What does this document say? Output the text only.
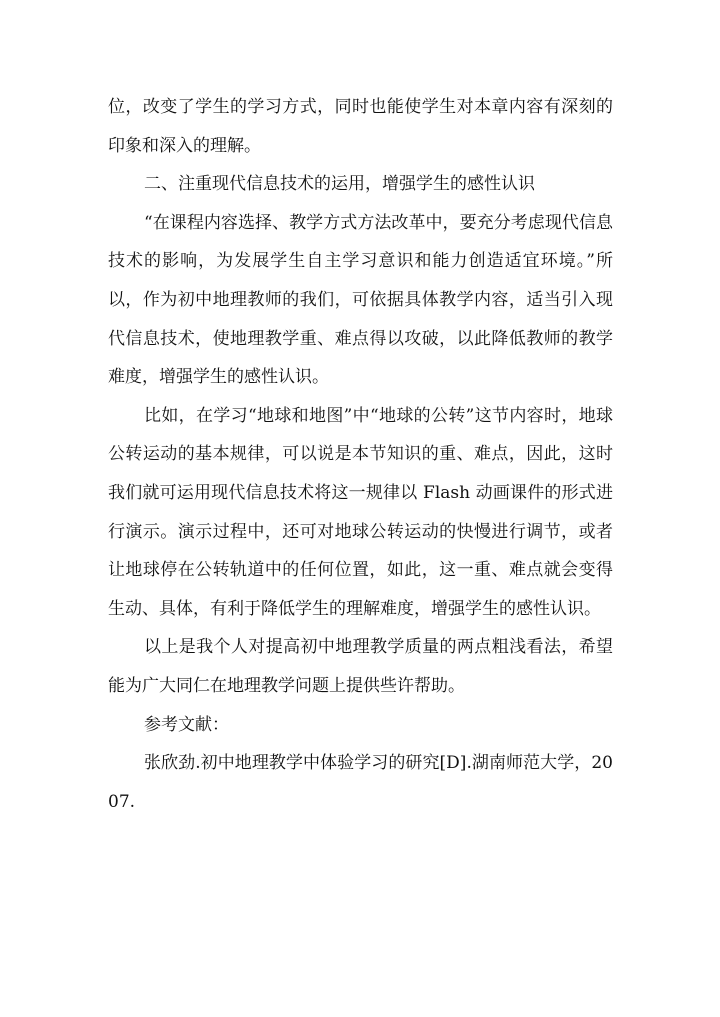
位，改变了学生的学习方式，同时也能使学生对本章内容有深刻的印象和深入的理解。

二、注重现代信息技术的运用，增强学生的感性认识

“在课程内容选择、教学方式方法改革中，要充分考虑现代信息技术的影响，为发展学生自主学习意识和能力创造适宜环境。”所以，作为初中地理教师的我们，可依据具体教学内容，适当引入现代信息技术，使地理教学重、难点得以攻破，以此降低教师的教学难度，增强学生的感性认识。

比如，在学习“地球和地图”中“地球的公转”这节内容时，地球公转运动的基本规律，可以说是本节知识的重、难点，因此，这时我们就可运用现代信息技术将这一规律以 Flash 动画课件的形式进行演示。演示过程中，还可对地球公转运动的快慢进行调节，或者让地球停在公转轨道中的任何位置，如此，这一重、难点就会变得生动、具体，有利于降低学生的理解难度，增强学生的感性认识。

以上是我个人对提高初中地理教学质量的两点粗浅看法，希望能为广大同仁在地理教学问题上提供些许帮助。

参考文献：

张欣劲.初中地理教学中体验学习的研究[D].湖南师范大学，2007.
